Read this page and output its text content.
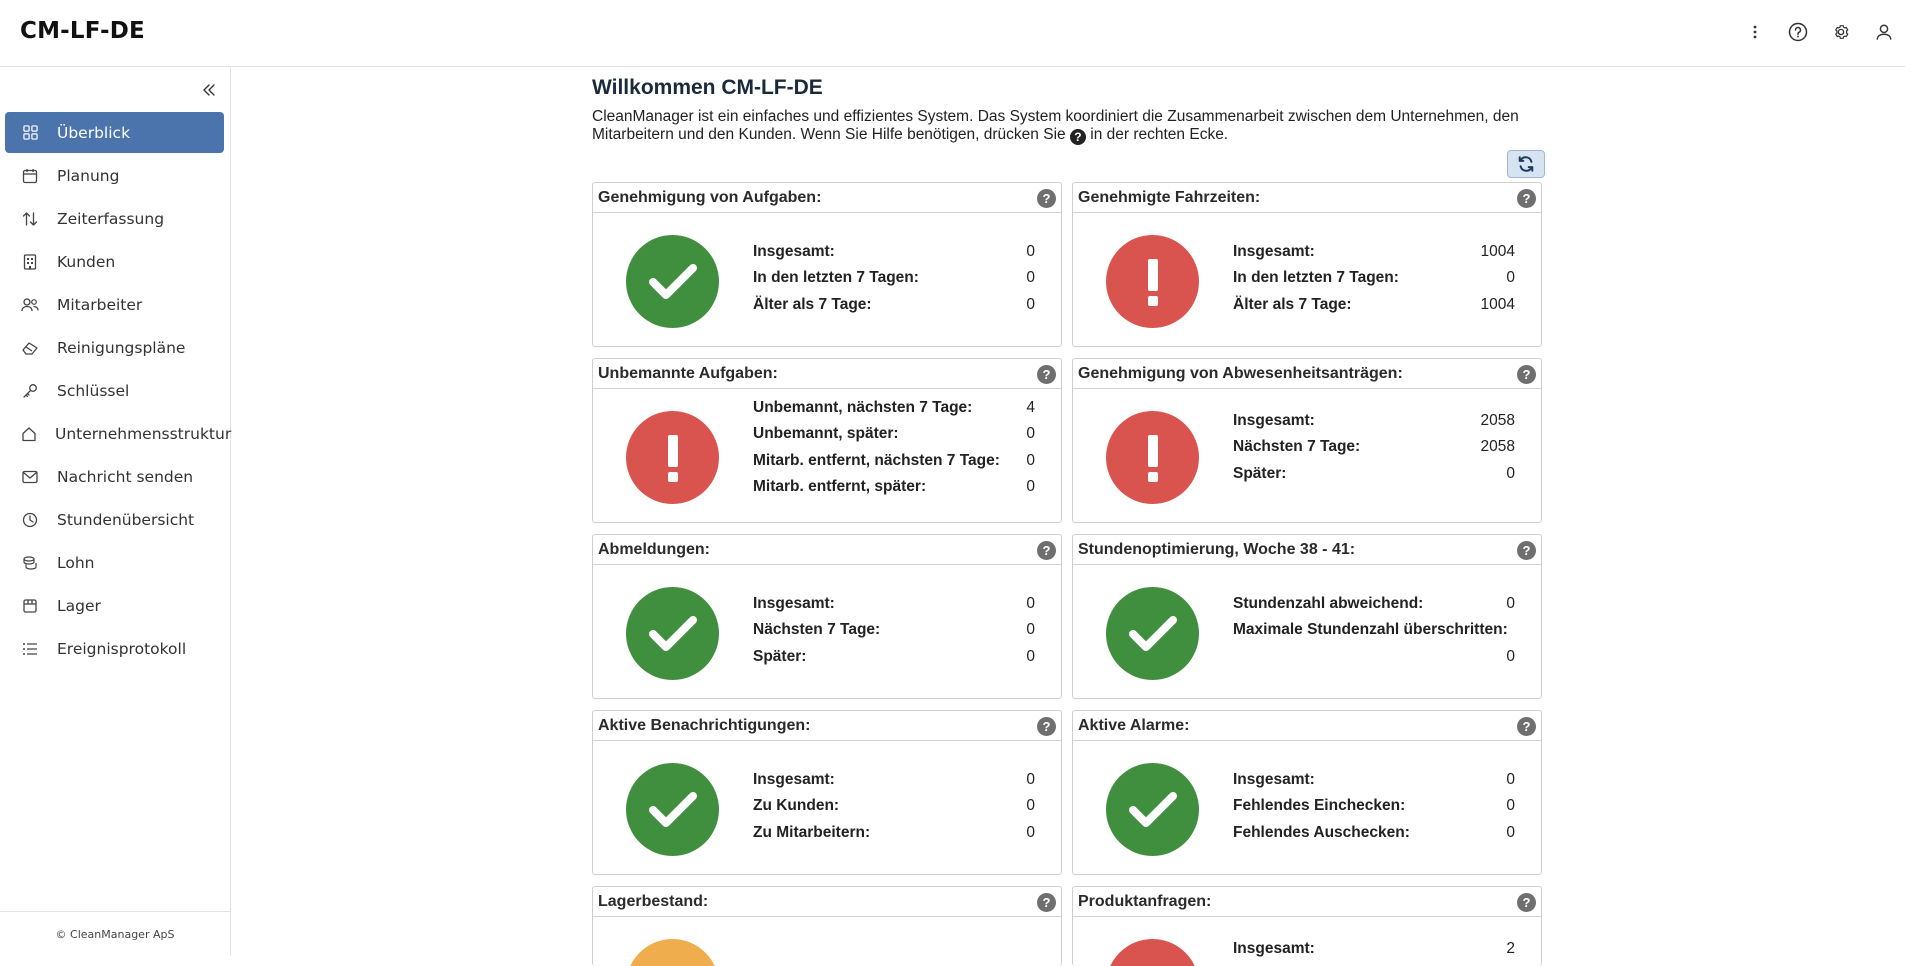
CM-LF-DE
Überblick
Planung
Zeiterfassung
Kunden
Mitarbeiter
Reinigungspläne
Schlüssel
Unternehmensstruktur
Nachricht senden
Stundenübersicht
Lohn
Lager
Ereignisprotokoll
© CleanManager ApS
Willkommen CM-LF-DE
CleanManager ist ein einfaches und effizientes System. Das System koordiniert die Zusammenarbeit zwischen dem Unternehmen, den Mitarbeitern und den Kunden. Wenn Sie Hilfe benötigen, drücken Sie ? in der rechten Ecke.
Genehmigung von Aufgaben:	?
Insgesamt:	0
In den letzten 7 Tagen:	0
Älter als 7 Tage:	0
Genehmigte Fahrzeiten:	?
Insgesamt:	1004
In den letzten 7 Tagen:	0
Älter als 7 Tage:	1004
Unbemannte Aufgaben:	?
Unbemannt, nächsten 7 Tage:	4
Unbemannt, später:	0
Mitarb. entfernt, nächsten 7 Tage: 0
Mitarb. entfernt, später:	0
Genehmigung von Abwesenheitsanträgen:	?
Insgesamt:	2058
Nächsten 7 Tage:	2058
Später:	0
Abmeldungen:	?
Insgesamt:	0
Nächsten 7 Tage:	0
Später:	0
Stundenoptimierung, Woche 38 - 41:	?
Stundenzahl abweichend:	0
Maximale Stundenzahl überschritten:
0
Aktive Benachrichtigungen:	?
Insgesamt:	0
Zu Kunden:	0
Zu Mitarbeitern:	0
Aktive Alarme:	?
Insgesamt:	0
Fehlendes Einchecken:	0
Fehlendes Auschecken:	0
Lagerbestand:	?	Produktanfragen:	?
Insgesamt:	2
